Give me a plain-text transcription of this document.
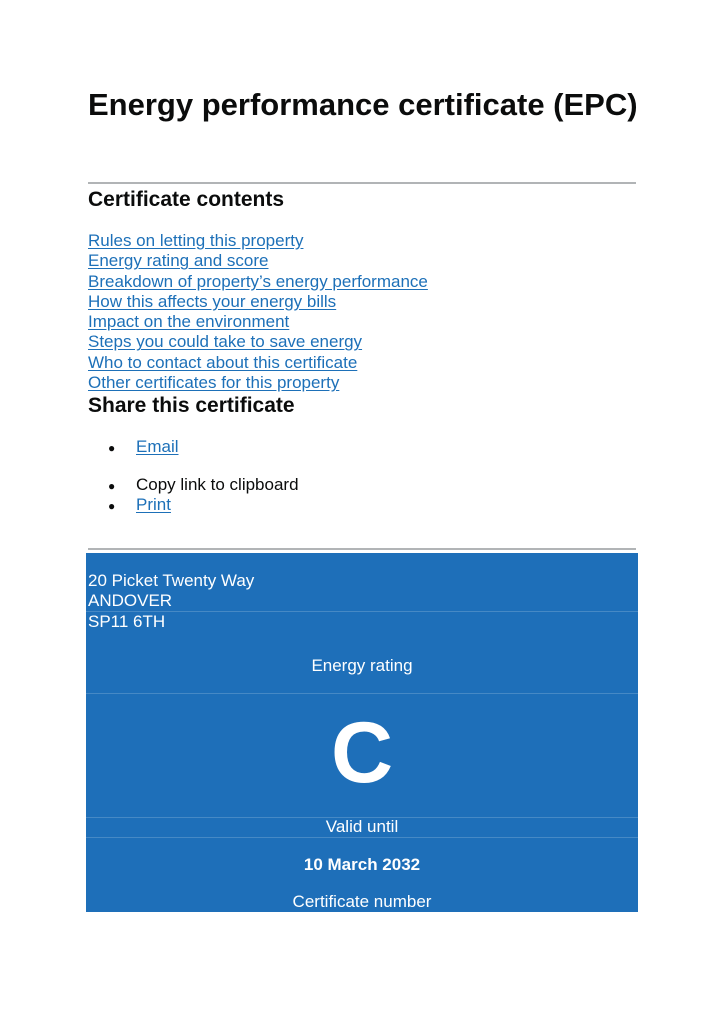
Energy performance certificate (EPC)
Certificate contents
Rules on letting this property
Energy rating and score
Breakdown of property’s energy performance
How this affects your energy bills
Impact on the environment
Steps you could take to save energy
Who to contact about this certificate
Other certificates for this property
Share this certificate
● Email
● Copy link to clipboard
● Print
20 Picket Twenty Way
ANDOVER
SP11 6TH
Energy rating
C
Valid until
10 March 2032
Certificate number
